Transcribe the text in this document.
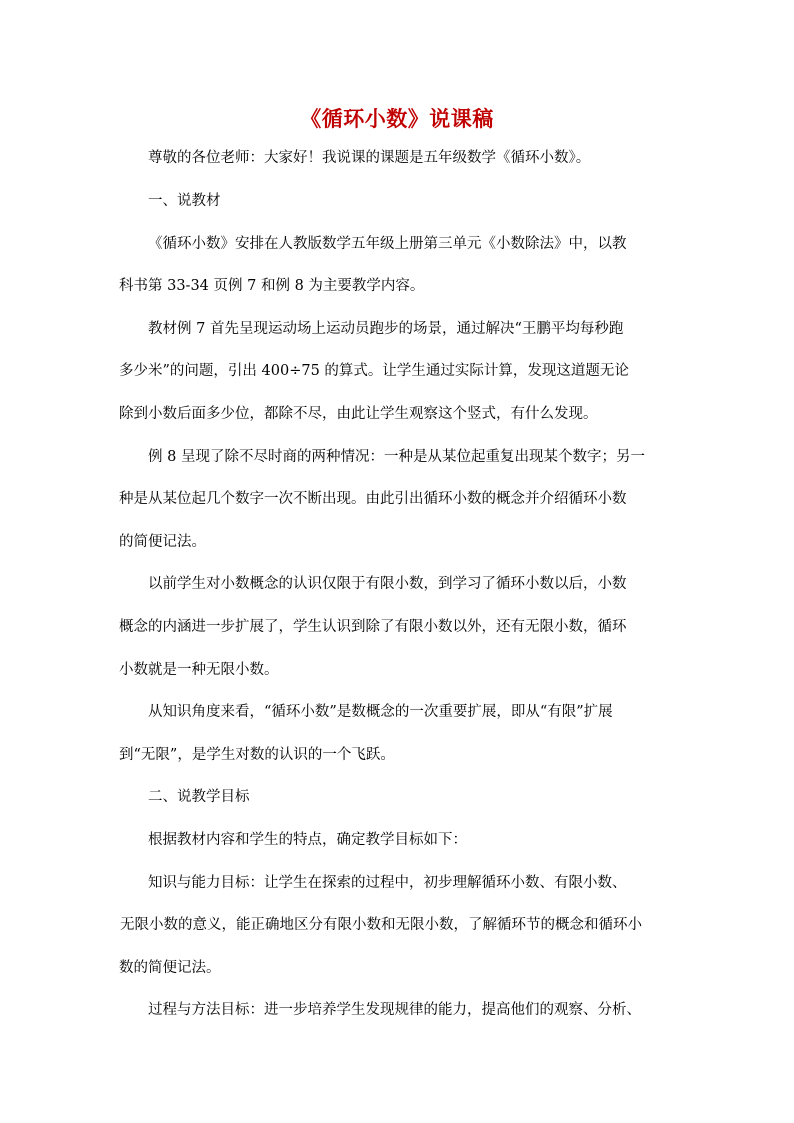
《循环小数》说课稿
尊敬的各位老师：大家好！我说课的课题是五年级数学《循环小数》。
一、说教材
《循环小数》安排在人教版数学五年级上册第三单元《小数除法》中，以教
科书第 33-34 页例 7 和例 8 为主要教学内容。
教材例 7 首先呈现运动场上运动员跑步的场景，通过解决“王鹏平均每秒跑
多少米”的问题，引出 400÷75 的算式。让学生通过实际计算，发现这道题无论
除到小数后面多少位，都除不尽，由此让学生观察这个竖式，有什么发现。
例 8 呈现了除不尽时商的两种情况：一种是从某位起重复出现某个数字；另一
种是从某位起几个数字一次不断出现。由此引出循环小数的概念并介绍循环小数
的简便记法。
以前学生对小数概念的认识仅限于有限小数，到学习了循环小数以后，小数
概念的内涵进一步扩展了，学生认识到除了有限小数以外，还有无限小数，循环
小数就是一种无限小数。
从知识角度来看，“循环小数”是数概念的一次重要扩展，即从“有限”扩展
到“无限”，是学生对数的认识的一个飞跃。
二、说教学目标
根据教材内容和学生的特点，确定教学目标如下：
知识与能力目标：让学生在探索的过程中，初步理解循环小数、有限小数、
无限小数的意义，能正确地区分有限小数和无限小数，了解循环节的概念和循环小
数的简便记法。
过程与方法目标：进一步培养学生发现规律的能力，提高他们的观察、分析、
